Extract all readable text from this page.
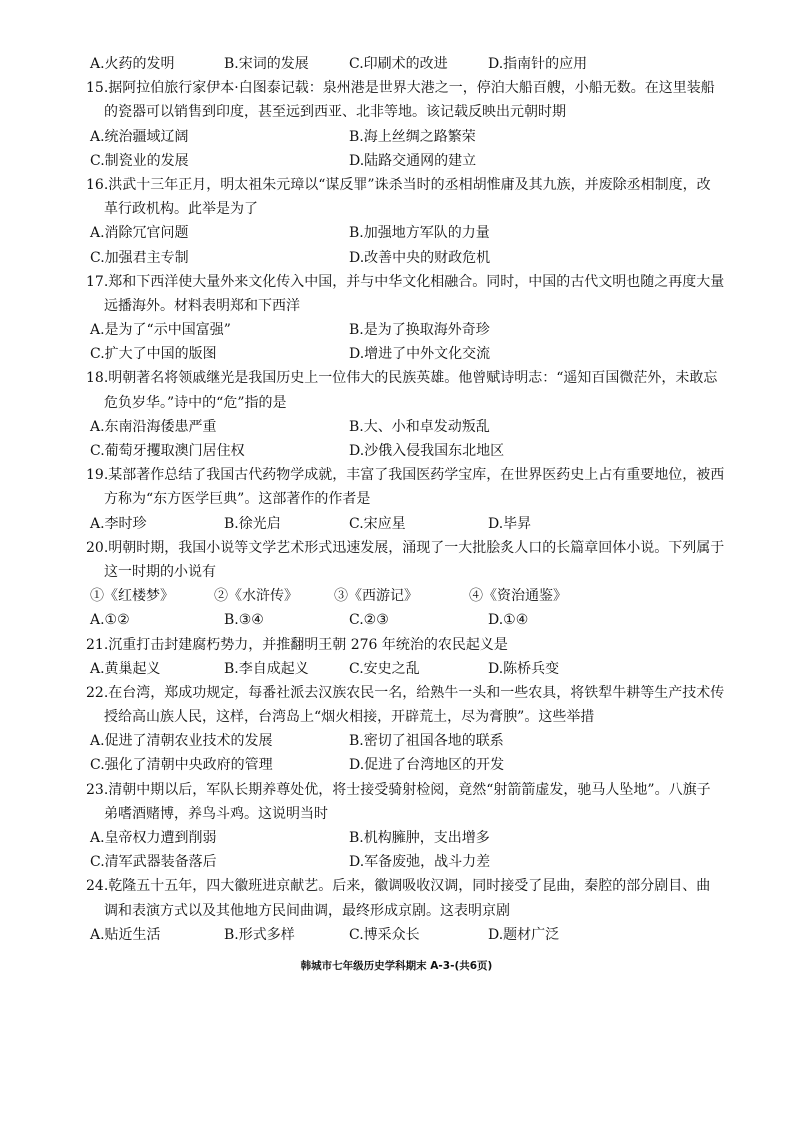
A.火药的发明	B.宋词的发展	C.印刷术的改进	D.指南针的应用
15.据阿拉伯旅行家伊本·白图泰记载：泉州港是世界大港之一，停泊大船百艘，小船无数。在这里装船
的瓷器可以销售到印度，甚至远到西亚、北非等地。该记载反映出元朝时期
A.统治疆域辽阔	B.海上丝绸之路繁荣
C.制瓷业的发展	D.陆路交通网的建立
16.洪武十三年正月，明太祖朱元璋以“谋反罪”诛杀当时的丞相胡惟庸及其九族，并废除丞相制度，改
革行政机构。此举是为了
A.消除冗官问题	B.加强地方军队的力量
C.加强君主专制	D.改善中央的财政危机
17.郑和下西洋使大量外来文化传入中国，并与中华文化相融合。同时，中国的古代文明也随之再度大量
远播海外。材料表明郑和下西洋
A.是为了“示中国富强”	B.是为了换取海外奇珍
C.扩大了中国的版图	D.增进了中外文化交流
18.明朝著名将领戚继光是我国历史上一位伟大的民族英雄。他曾赋诗明志：“遥知百国微茫外，未敢忘
危负岁华。”诗中的“危”指的是
A.东南沿海倭患严重	B.大、小和卓发动叛乱
C.葡萄牙攫取澳门居住权	D.沙俄入侵我国东北地区
19.某部著作总结了我国古代药物学成就，丰富了我国医药学宝库，在世界医药史上占有重要地位，被西
方称为“东方医学巨典”。这部著作的作者是
A.李时珍	B.徐光启	C.宋应星	D.毕昇
20.明朝时期，我国小说等文学艺术形式迅速发展，涌现了一大批脍炙人口的长篇章回体小说。下列属于
这一时期的小说有
①《红楼梦》	②《水浒传》	③《西游记》	④《资治通鉴》
A.①②	B.③④	C.②③	D.①④
21.沉重打击封建腐朽势力，并推翻明王朝 276 年统治的农民起义是
A.黄巢起义	B.李自成起义	C.安史之乱	D.陈桥兵变
22.在台湾，郑成功规定，每番社派去汉族农民一名，给熟牛一头和一些农具，将铁犁牛耕等生产技术传
授给高山族人民，这样，台湾岛上“烟火相接，开辟荒土，尽为膏腴”。这些举措
A.促进了清朝农业技术的发展	B.密切了祖国各地的联系
C.强化了清朝中央政府的管理	D.促进了台湾地区的开发
23.清朝中期以后，军队长期养尊处优，将士接受骑射检阅，竟然“射箭箭虚发，驰马人坠地”。八旗子
弟嗜酒赌博，养鸟斗鸡。这说明当时
A.皇帝权力遭到削弱	B.机构臃肿，支出增多
C.清军武器装备落后	D.军备废弛，战斗力差
24.乾隆五十五年，四大徽班进京献艺。后来，徽调吸收汉调，同时接受了昆曲，秦腔的部分剧目、曲
调和表演方式以及其他地方民间曲调，最终形成京剧。这表明京剧
A.贴近生活	B.形式多样	C.博采众长	D.题材广泛
韩城市七年级历史学科期末 A-3-(共6页)
